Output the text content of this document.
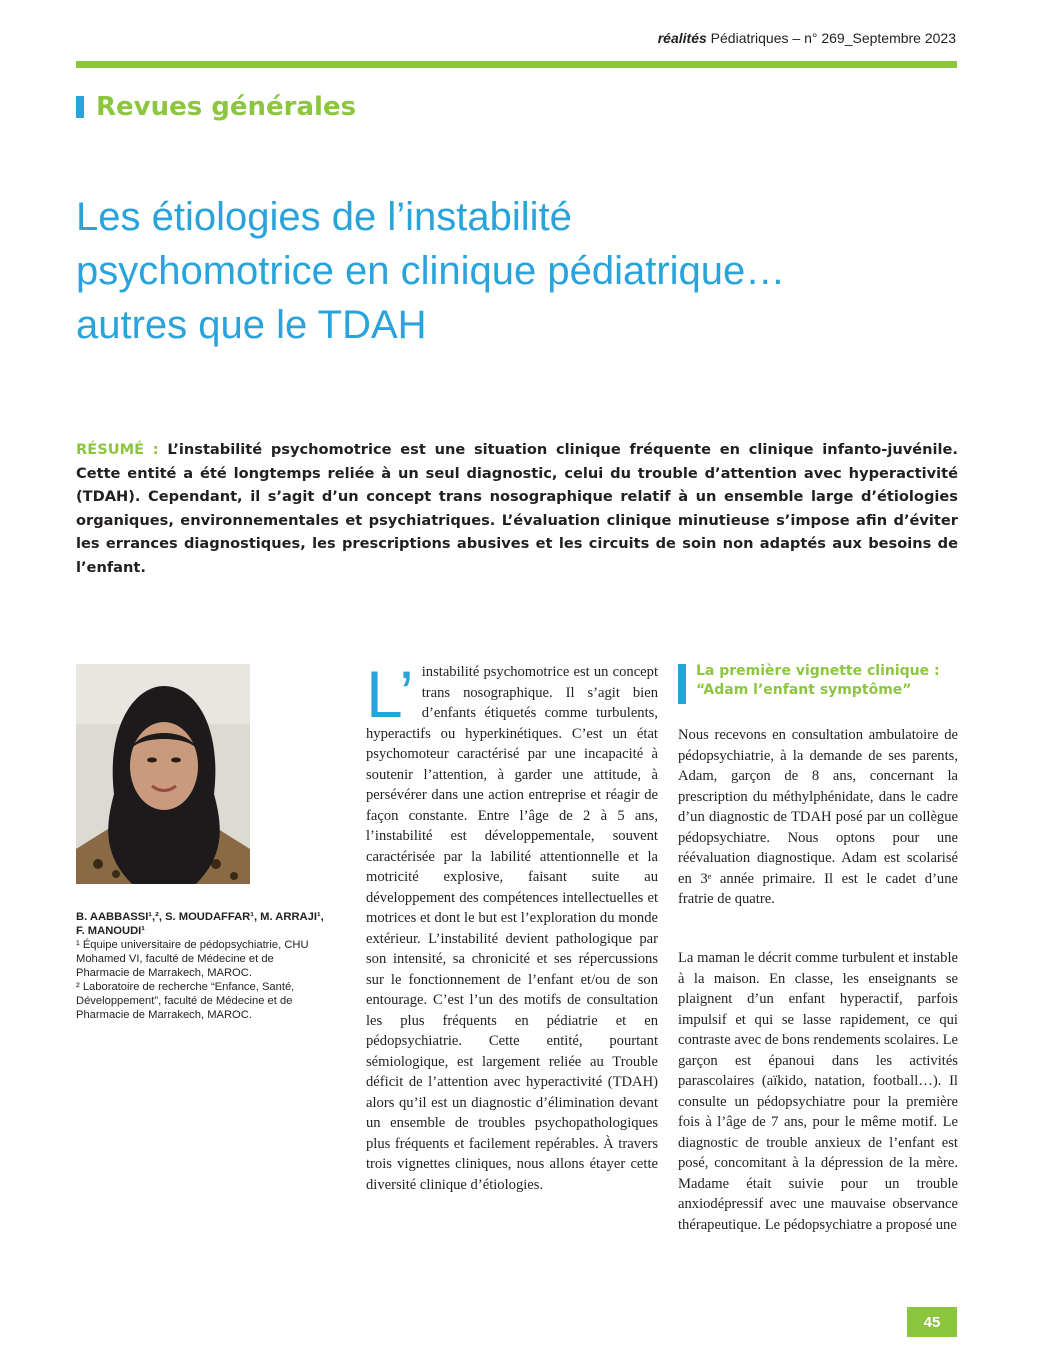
réalités Pédiatriques – n° 269_Septembre 2023
Revues générales
Les étiologies de l’instabilité
psychomotrice en clinique pédiatrique…
autres que le TDAH

RÉSUMÉ : L’instabilité psychomotrice est une situation clinique fréquente en clinique infanto-juvénile. Cette entité a été longtemps reliée à un seul diagnostic, celui du trouble d’attention avec hyperactivité (TDAH). Cependant, il s’agit d’un concept trans nosographique relatif à un ensemble large d’étiologies organiques, environnementales et psychiatriques. L’évaluation clinique minutieuse s’impose afin d’éviter les errances diagnostiques, les prescriptions abusives et les circuits de soin non adaptés aux besoins de l’enfant.

B. AABBASSI¹,², S. MOUDAFFAR¹, M. ARRAJI¹, F. MANOUDI¹

¹ Équipe universitaire de pédopsychiatrie, CHU Mohamed VI, faculté de Médecine et de Pharmacie de Marrakech, MAROC.

² Laboratoire de recherche “Enfance, Santé, Développement”, faculté de Médecine et de Pharmacie de Marrakech, MAROC.

L’ instabilité psychomotrice est un concept trans nosographique. Il s’agit bien d’enfants étiquetés comme turbulents, hyperactifs ou hyperkinétiques. C’est un état psychomoteur caractérisé par une incapacité à soutenir l’attention, à garder une attitude, à persévérer dans une action entreprise et réagir de façon constante. Entre l’âge de 2 à 5 ans, l’instabilité est développementale, souvent caractérisée par la labilité attentionnelle et la motricité explosive, faisant suite au développement des compétences intellectuelles et motrices et dont le but est l’exploration du monde extérieur. L’instabilité devient pathologique par son intensité, sa chronicité et ses répercussions sur le fonctionnement de l’enfant et/ou de son entourage. C’est l’un des motifs de consultation les plus fréquents en pédiatrie et en pédopsychiatrie. Cette entité, pourtant sémiologique, est largement reliée au Trouble déficit de l’attention avec hyperactivité (TDAH) alors qu’il est un diagnostic d’élimination devant un ensemble de troubles psychopathologiques plus fréquents et facilement repérables. À travers trois vignettes cliniques, nous allons étayer cette diversité clinique d’étiologies.

La première vignette clinique :
“Adam l’enfant symptôme”

Nous recevons en consultation ambulatoire de pédopsychiatrie, à la demande de ses parents, Adam, garçon de 8 ans, concernant la prescription du méthylphénidate, dans le cadre d’un diagnostic de TDAH posé par un collègue pédopsychiatre. Nous optons pour une réévaluation diagnostique. Adam est scolarisé en 3ᵉ année primaire. Il est le cadet d’une fratrie de quatre.

La maman le décrit comme turbulent et instable à la maison. En classe, les enseignants se plaignent d’un enfant hyperactif, parfois impulsif et qui se lasse rapidement, ce qui contraste avec de bons rendements scolaires. Le garçon est épanoui dans les activités parascolaires (aïkido, natation, football…). Il consulte un pédopsychiatre pour la première fois à l’âge de 7 ans, pour le même motif. Le diagnostic de trouble anxieux de l’enfant est posé, concomitant à la dépression de la mère. Madame était suivie pour un trouble anxiodépressif avec une mauvaise observance thérapeutique. Le pédopsychiatre a proposé une

45
